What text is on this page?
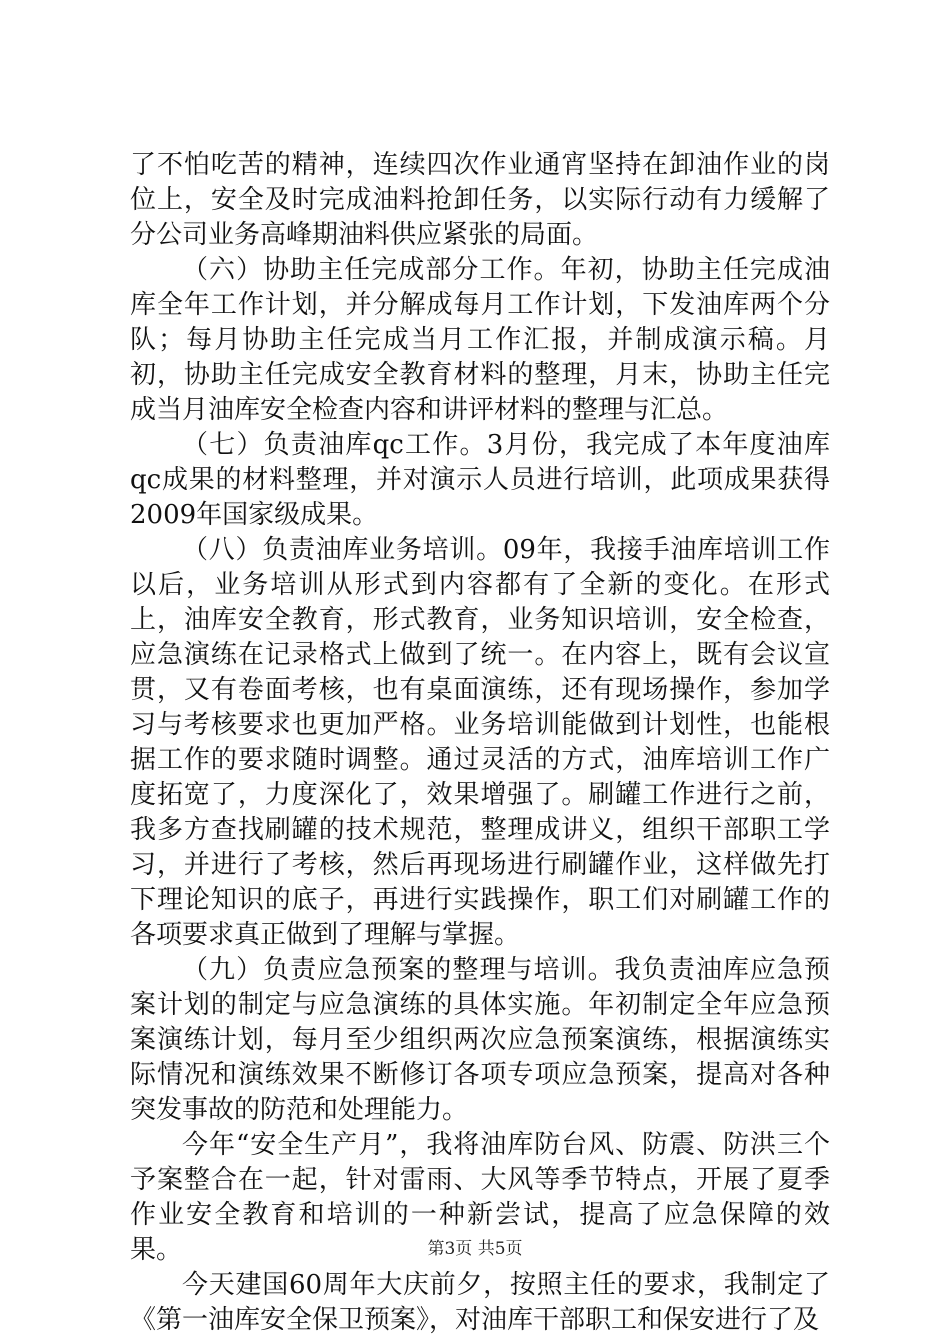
了不怕吃苦的精神，连续四次作业通宵坚持在卸油作业的岗位上，安全及时完成油料抢卸任务，以实际行动有力缓解了分公司业务高峰期油料供应紧张的局面。

（六）协助主任完成部分工作。年初，协助主任完成油库全年工作计划，并分解成每月工作计划，下发油库两个分队；每月协助主任完成当月工作汇报，并制成演示稿。月初，协助主任完成安全教育材料的整理，月末，协助主任完成当月油库安全检查内容和讲评材料的整理与汇总。

（七）负责油库qc工作。3月份，我完成了本年度油库qc成果的材料整理，并对演示人员进行培训，此项成果获得2009年国家级成果。

（八）负责油库业务培训。09年，我接手油库培训工作以后，业务培训从形式到内容都有了全新的变化。在形式上，油库安全教育，形式教育，业务知识培训，安全检查，应急演练在记录格式上做到了统一。在内容上，既有会议宣贯，又有卷面考核，也有桌面演练，还有现场操作，参加学习与考核要求也更加严格。业务培训能做到计划性，也能根据工作的要求随时调整。通过灵活的方式，油库培训工作广度拓宽了，力度深化了，效果增强了。刷罐工作进行之前，我多方查找刷罐的技术规范，整理成讲义，组织干部职工学习，并进行了考核，然后再现场进行刷罐作业，这样做先打下理论知识的底子，再进行实践操作，职工们对刷罐工作的各项要求真正做到了理解与掌握。

（九）负责应急预案的整理与培训。我负责油库应急预案计划的制定与应急演练的具体实施。年初制定全年应急预案演练计划，每月至少组织两次应急预案演练，根据演练实际情况和演练效果不断修订各项专项应急预案，提高对各种突发事故的防范和处理能力。

今年“安全生产月”，我将油库防台风、防震、防洪三个予案整合在一起，针对雷雨、大风等季节特点，开展了夏季作业安全教育和培训的一种新尝试，提高了应急保障的效果。

今天建国60周年大庆前夕，按照主任的要求，我制定了《第一油库安全保卫预案》，对油库干部职工和保安进行了及

第3页 共5页
